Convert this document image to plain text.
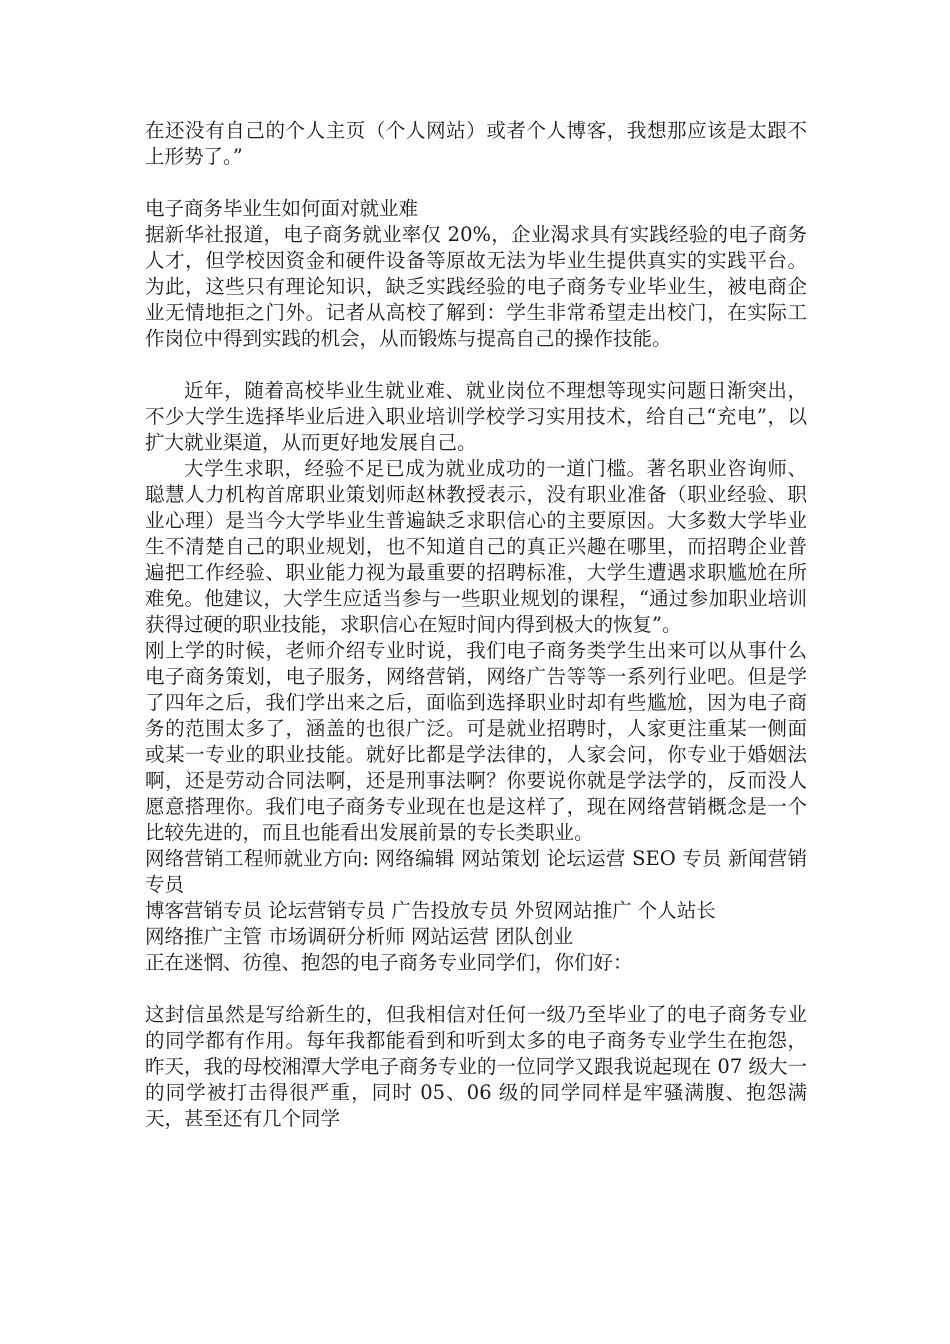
在还没有自己的个人主页（个人网站）或者个人博客，我想那应该是太跟不上形势了。”

电子商务毕业生如何面对就业难

据新华社报道，电子商务就业率仅 20%，企业渴求具有实践经验的电子商务人才，但学校因资金和硬件设备等原故无法为毕业生提供真实的实践平台。为此，这些只有理论知识，缺乏实践经验的电子商务专业毕业生，被电商企业无情地拒之门外。记者从高校了解到：学生非常希望走出校门，在实际工作岗位中得到实践的机会，从而锻炼与提高自己的操作技能。

近年，随着高校毕业生就业难、就业岗位不理想等现实问题日渐突出，不少大学生选择毕业后进入职业培训学校学习实用技术，给自己“充电”，以扩大就业渠道，从而更好地发展自己。

大学生求职，经验不足已成为就业成功的一道门槛。著名职业咨询师、聪慧人力机构首席职业策划师赵林教授表示，没有职业准备（职业经验、职业心理）是当今大学毕业生普遍缺乏求职信心的主要原因。大多数大学毕业生不清楚自己的职业规划，也不知道自己的真正兴趣在哪里，而招聘企业普遍把工作经验、职业能力视为最重要的招聘标准，大学生遭遇求职尴尬在所难免。他建议，大学生应适当参与一些职业规划的课程，“通过参加职业培训获得过硬的职业技能，求职信心在短时间内得到极大的恢复”。

刚上学的时候，老师介绍专业时说，我们电子商务类学生出来可以从事什么电子商务策划，电子服务，网络营销，网络广告等等一系列行业吧。但是学了四年之后，我们学出来之后，面临到选择职业时却有些尴尬，因为电子商务的范围太多了，涵盖的也很广泛。可是就业招聘时，人家更注重某一侧面或某一专业的职业技能。就好比都是学法律的，人家会问，你专业于婚姻法啊，还是劳动合同法啊，还是刑事法啊？你要说你就是学法学的，反而没人愿意搭理你。我们电子商务专业现在也是这样了，现在网络营销概念是一个比较先进的，而且也能看出发展前景的专长类职业。

网络营销工程师就业方向: 网络编辑 网站策划 论坛运营 SEO 专员 新闻营销专员

博客营销专员 论坛营销专员 广告投放专员 外贸网站推广 个人站长

网络推广主管 市场调研分析师 网站运营 团队创业

正在迷惘、彷徨、抱怨的电子商务专业同学们，你们好：

这封信虽然是写给新生的，但我相信对任何一级乃至毕业了的电子商务专业的同学都有作用。每年我都能看到和听到太多的电子商务专业学生在抱怨，昨天，我的母校湘潭大学电子商务专业的一位同学又跟我说起现在 07 级大一的同学被打击得很严重，同时 05、06 级的同学同样是牢骚满腹、抱怨满天，甚至还有几个同学
